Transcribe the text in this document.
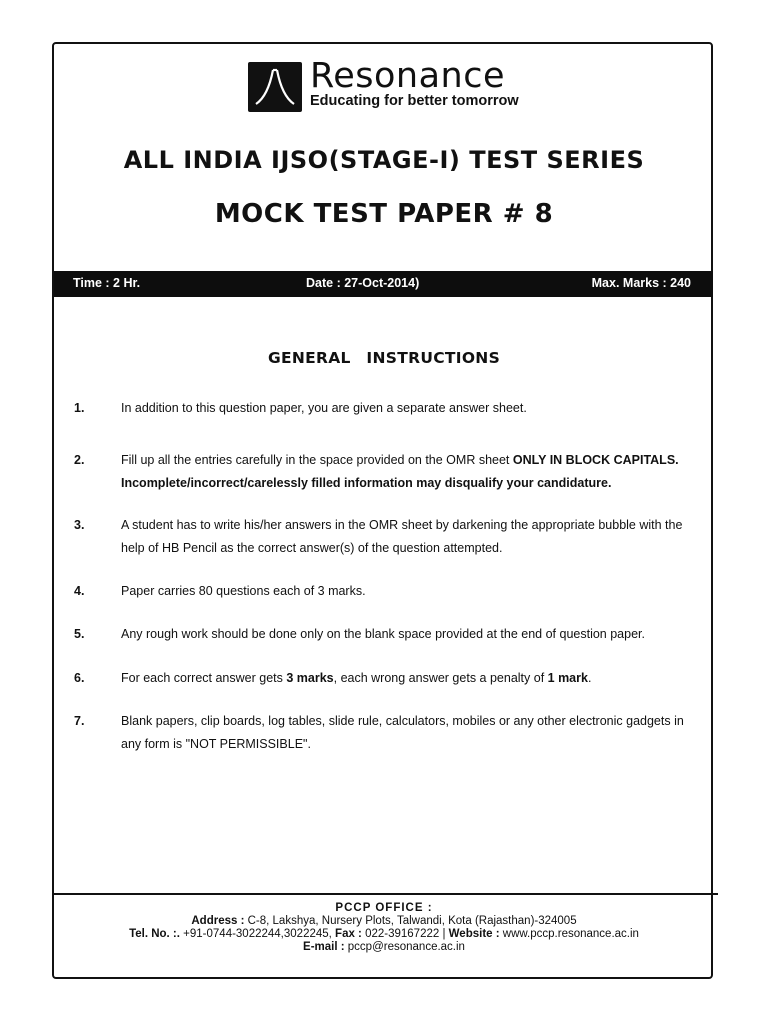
Resonance
Educating for better tomorrow
ALL INDIA IJSO(STAGE-I) TEST SERIES
MOCK TEST PAPER # 8
Time : 2 Hr.	Date : 27-Oct-2014)	Max. Marks : 240
GENERAL INSTRUCTIONS
1.	In addition to this question paper, you are given a separate answer sheet.
2.	Fill up all the entries carefully in the space provided on the OMR sheet ONLY IN BLOCK CAPITALS.
Incomplete/incorrect/carelessly filled information may disqualify your candidature.
3.	A student has to write his/her answers in the OMR sheet by darkening the appropriate bubble with the
help of HB Pencil as the correct answer(s) of the question attempted.
4.	Paper carries 80 questions each of 3 marks.
5.	Any rough work should be done only on the blank space provided at the end of question paper.
6.	For each correct answer gets 3 marks, each wrong answer gets a penalty of 1 mark.
7.	Blank papers, clip boards, log tables, slide rule, calculators, mobiles or any other electronic gadgets in
any form is "NOT PERMISSIBLE".
PCCP OFFICE :
Address : C-8, Lakshya, Nursery Plots, Talwandi, Kota (Rajasthan)-324005
Tel. No. :. +91-0744-3022244,3022245, Fax : 022-39167222 | Website : www.pccp.resonance.ac.in
E-mail : pccp@resonance.ac.in
